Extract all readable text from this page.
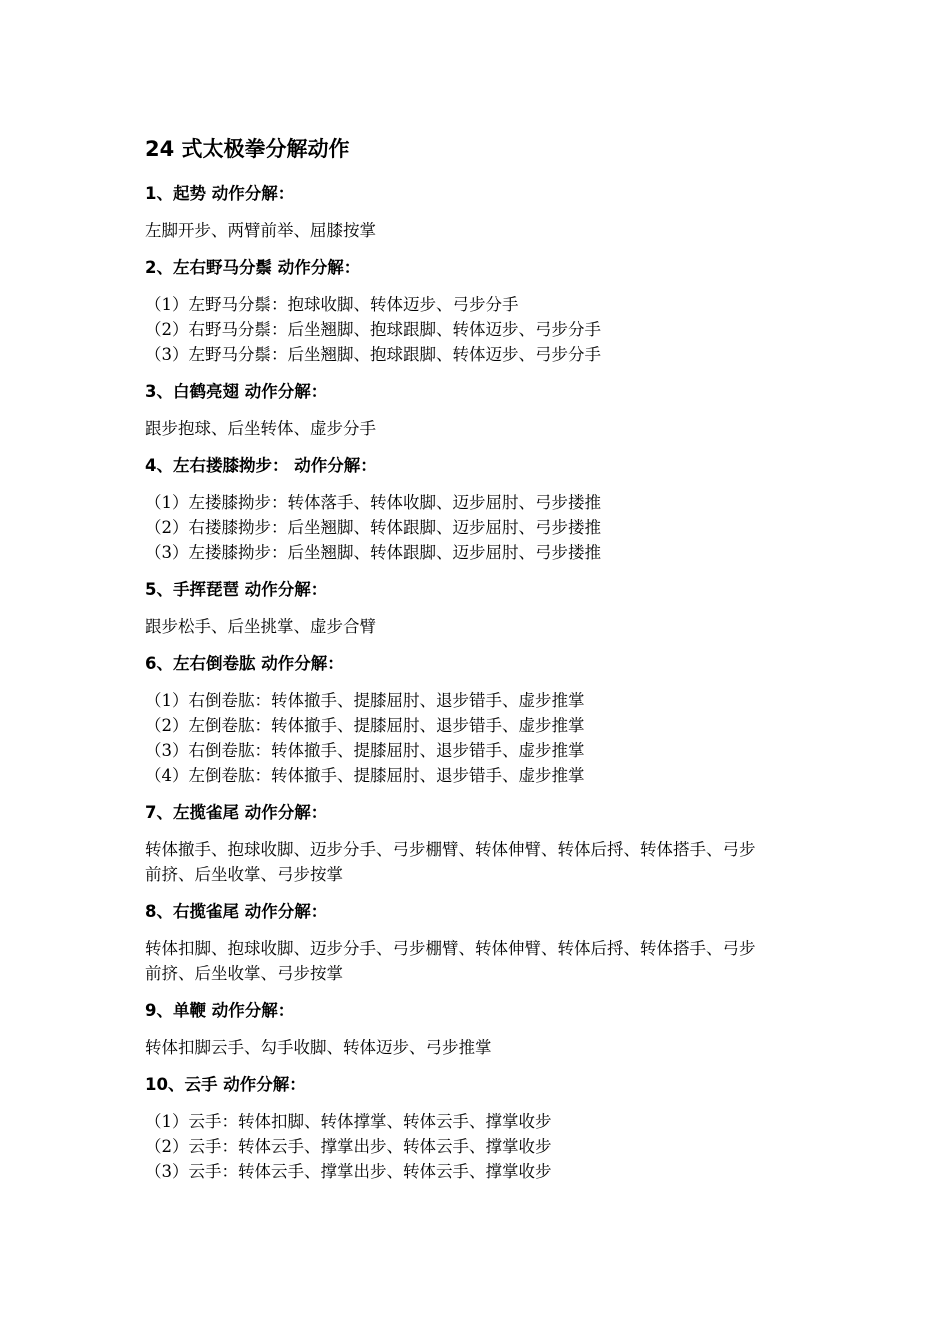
24 式太极拳分解动作
1、起势 动作分解：
左脚开步、两臂前举、屈膝按掌
2、左右野马分鬃 动作分解：
（1）左野马分鬃：抱球收脚、转体迈步、弓步分手
（2）右野马分鬃：后坐翘脚、抱球跟脚、转体迈步、弓步分手
（3）左野马分鬃：后坐翘脚、抱球跟脚、转体迈步、弓步分手
3、白鹤亮翅 动作分解：
跟步抱球、后坐转体、虚步分手
4、左右搂膝拗步： 动作分解：
（1）左搂膝拗步：转体落手、转体收脚、迈步屈肘、弓步搂推
（2）右搂膝拗步：后坐翘脚、转体跟脚、迈步屈肘、弓步搂推
（3）左搂膝拗步：后坐翘脚、转体跟脚、迈步屈肘、弓步搂推
5、手挥琵琶 动作分解：
跟步松手、后坐挑掌、虚步合臂
6、左右倒卷肱 动作分解：
（1）右倒卷肱：转体撤手、提膝屈肘、退步错手、虚步推掌
（2）左倒卷肱：转体撤手、提膝屈肘、退步错手、虚步推掌
（3）右倒卷肱：转体撤手、提膝屈肘、退步错手、虚步推掌
（4）左倒卷肱：转体撤手、提膝屈肘、退步错手、虚步推掌
7、左揽雀尾 动作分解：
转体撤手、抱球收脚、迈步分手、弓步棚臂、转体伸臂、转体后捋、转体搭手、弓步
前挤、后坐收掌、弓步按掌
8、右揽雀尾 动作分解：
转体扣脚、抱球收脚、迈步分手、弓步棚臂、转体伸臂、转体后捋、转体搭手、弓步
前挤、后坐收掌、弓步按掌
9、单鞭 动作分解：
转体扣脚云手、勾手收脚、转体迈步、弓步推掌
10、云手 动作分解：
（1）云手：转体扣脚、转体撑掌、转体云手、撑掌收步
（2）云手：转体云手、撑掌出步、转体云手、撑掌收步
（3）云手：转体云手、撑掌出步、转体云手、撑掌收步
